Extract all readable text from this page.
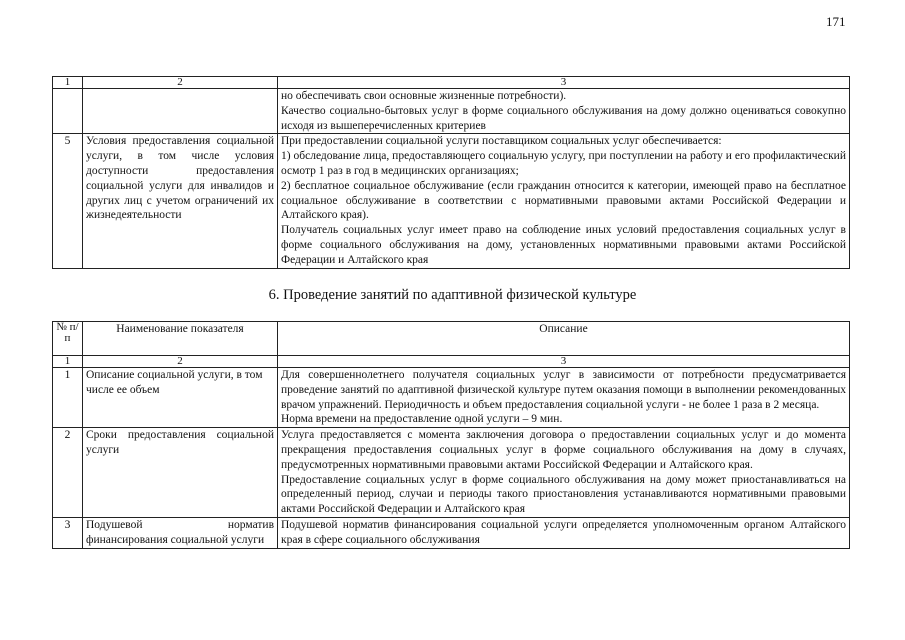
171
1	2	3

		но обеспечивать свои основные жизненные потребности).
Качество социально-бытовых услуг в форме социального обслуживания на дому должно оцениваться совокупно исходя из вышеперечисленных критериев

5	Условия предоставления социальной услуги, в том числе условия доступности предоставления социальной услуги для инвалидов и других лиц с учетом ограничений их жизнедеятельности	При предоставлении социальной услуги поставщиком социальных услуг обеспечивается:
1) обследование лица, предоставляющего социальную услугу, при поступлении на работу и его профилактический осмотр 1 раз в год в медицинских организациях;
2) бесплатное социальное обслуживание (если гражданин относится к категории, имеющей право на бесплатное социальное обслуживание в соответствии с нормативными правовыми актами Российской Федерации и Алтайского края).
Получатель социальных услуг имеет право на соблюдение иных условий предоставления социальных услуг в форме социального обслуживания на дому, установленных нормативными правовыми актами Российской Федерации и Алтайского края
6. Проведение занятий по адаптивной физической культуре
№ п/п	Наименование показателя	Описание
1	2	3
1	Описание социальной услуги, в том числе ее объем	Для совершеннолетнего получателя социальных услуг в зависимости от потребности предусматривается проведение занятий по адаптивной физической культуре путем оказания помощи в выполнении рекомендованных врачом упражнений. Периодичность и объем предоставления социальной услуги - не более 1 раза в 2 месяца.
Норма времени на предоставление одной услуги – 9 мин.

2	Сроки предоставления социальной услуги	Услуга предоставляется с момента заключения договора о предоставлении социальных услуг и до момента прекращения предоставления социальных услуг в форме социального обслуживания на дому в случаях, предусмотренных нормативными правовыми актами Российской Федерации и Алтайского края.
Предоставление социальных услуг в форме социального обслуживания на дому может приостанавливаться на определенный период, случаи и периоды такого приостановления устанавливаются нормативными правовыми актами Российской Федерации и Алтайского края

3	Подушевой норматив финансирования социальной услуги	Подушевой норматив финансирования социальной услуги определяется уполномоченным органом Алтайского края в сфере социального обслуживания
